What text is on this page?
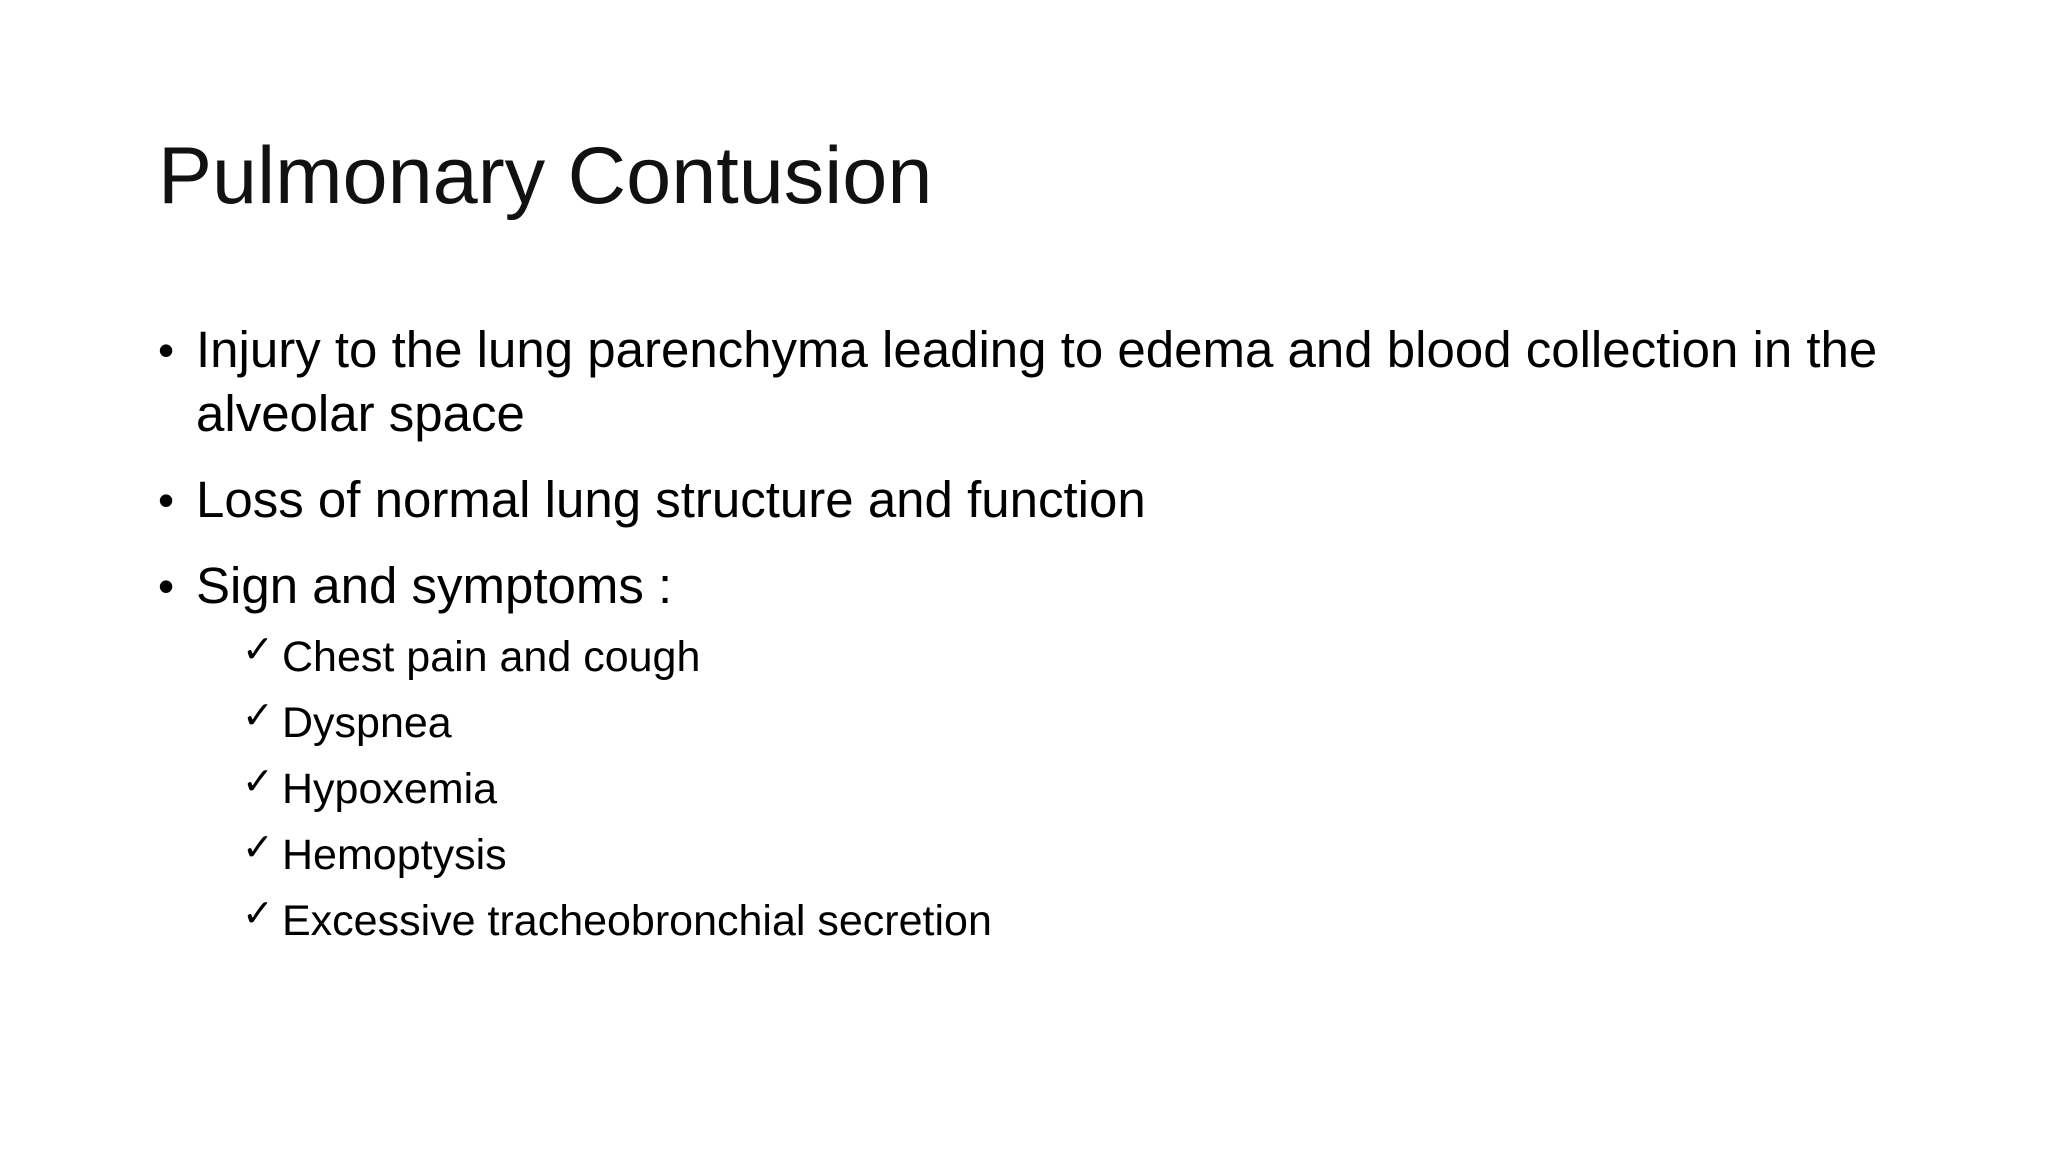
Pulmonary Contusion
• Injury to the lung parenchyma leading to edema and blood collection in the alveolar space
• Loss of normal lung structure and function
• Sign and symptoms :
✓ Chest pain and cough
✓ Dyspnea
✓ Hypoxemia
✓ Hemoptysis
✓ Excessive tracheobronchial secretion
